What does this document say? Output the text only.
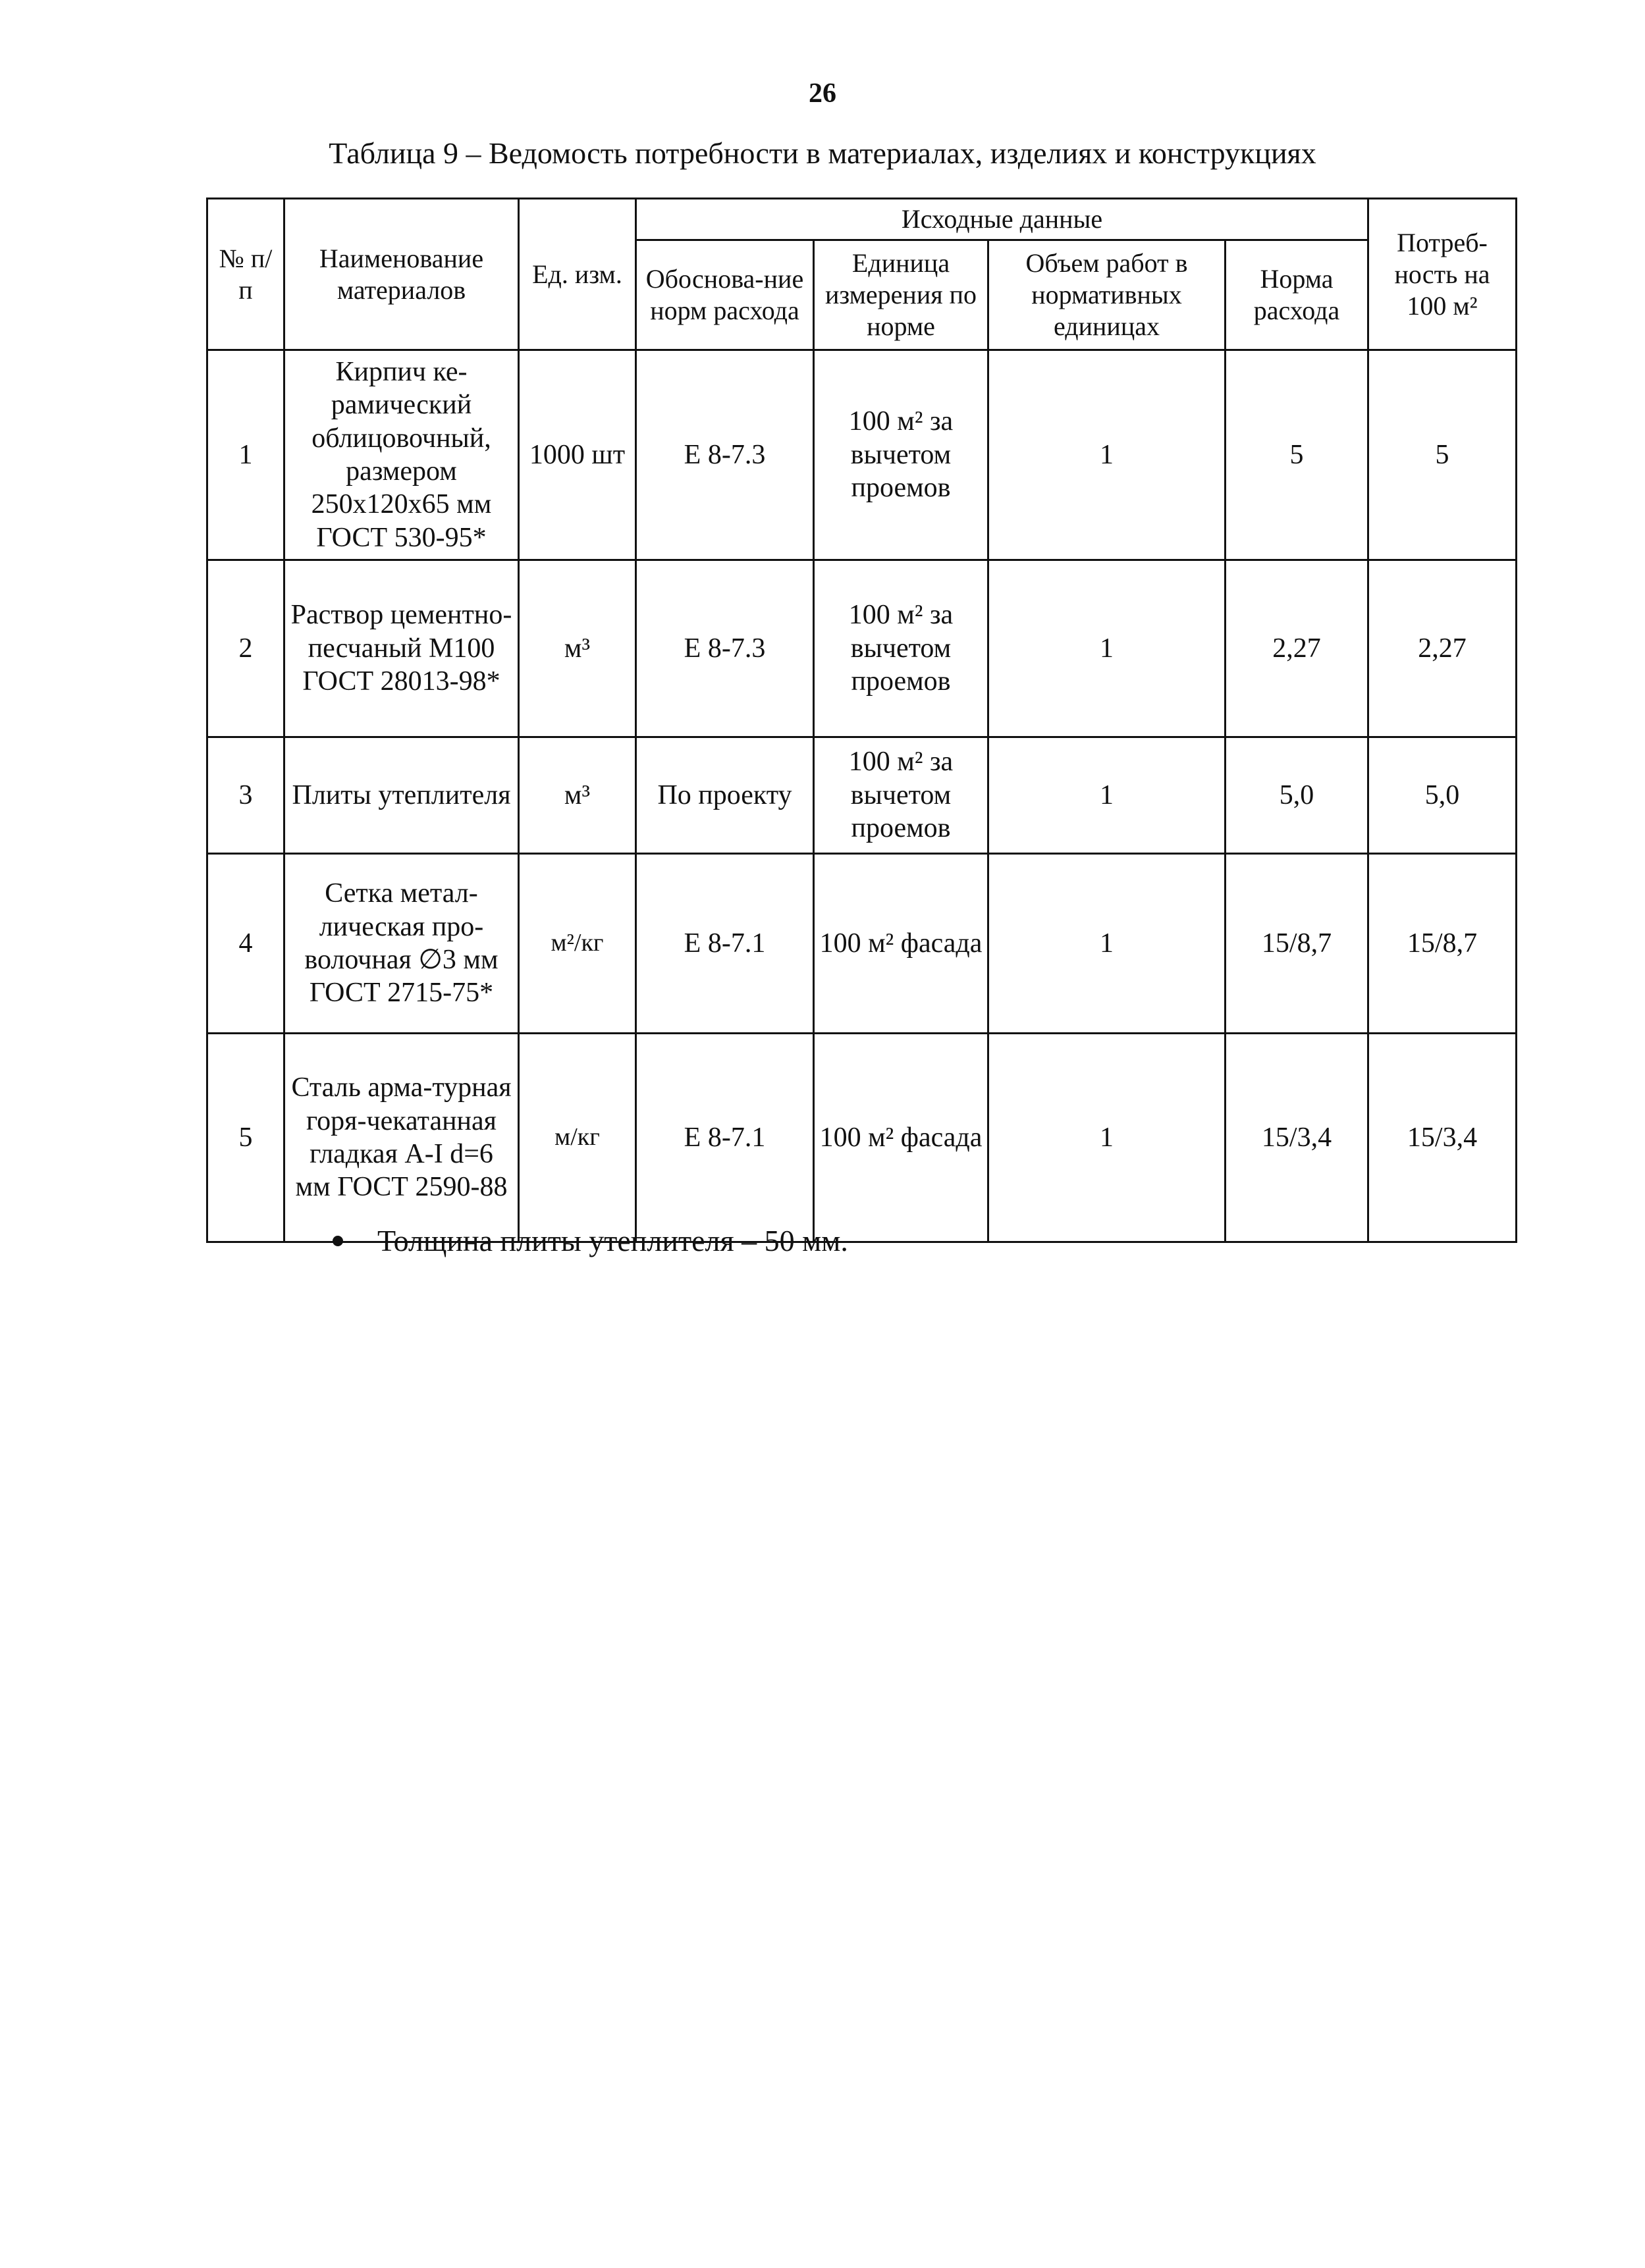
26
Таблица 9 – Ведомость потребности в материалах, изделиях и конструкциях
№ п/п	Наименование материалов	Ед. изм.	Исходные данные				Потреб-ность на 100 м²
			Обоснова-ние норм расхода	Единица измерения по норме	Объем работ в нормативных единицах	Норма расхода	
1	Кирпич ке-рамический облицовочный, размером 250x120x65 мм ГОСТ 530-95*	1000 шт	Е 8-7.3	100 м² за вычетом проемов	1	5	5
2	Раствор цементно-песчаный М100 ГОСТ 28013-98*	м³	Е 8-7.3	100 м² за вычетом проемов	1	2,27	2,27
3	Плиты утеплителя	м³	По проекту	100 м² за вычетом проемов	1	5,0	5,0
4	Сетка метал-лическая про-волочная ∅3 мм ГОСТ 2715-75*	м²/кг	Е 8-7.1	100 м² фасада	1	15/8,7	15/8,7
5	Сталь арма-турная горя-чекатанная гладкая А-I d=6 мм ГОСТ 2590-88	м/кг	Е 8-7.1	100 м² фасада	1	15/3,4	15/3,4
Толщина плиты утеплителя – 50 мм.
